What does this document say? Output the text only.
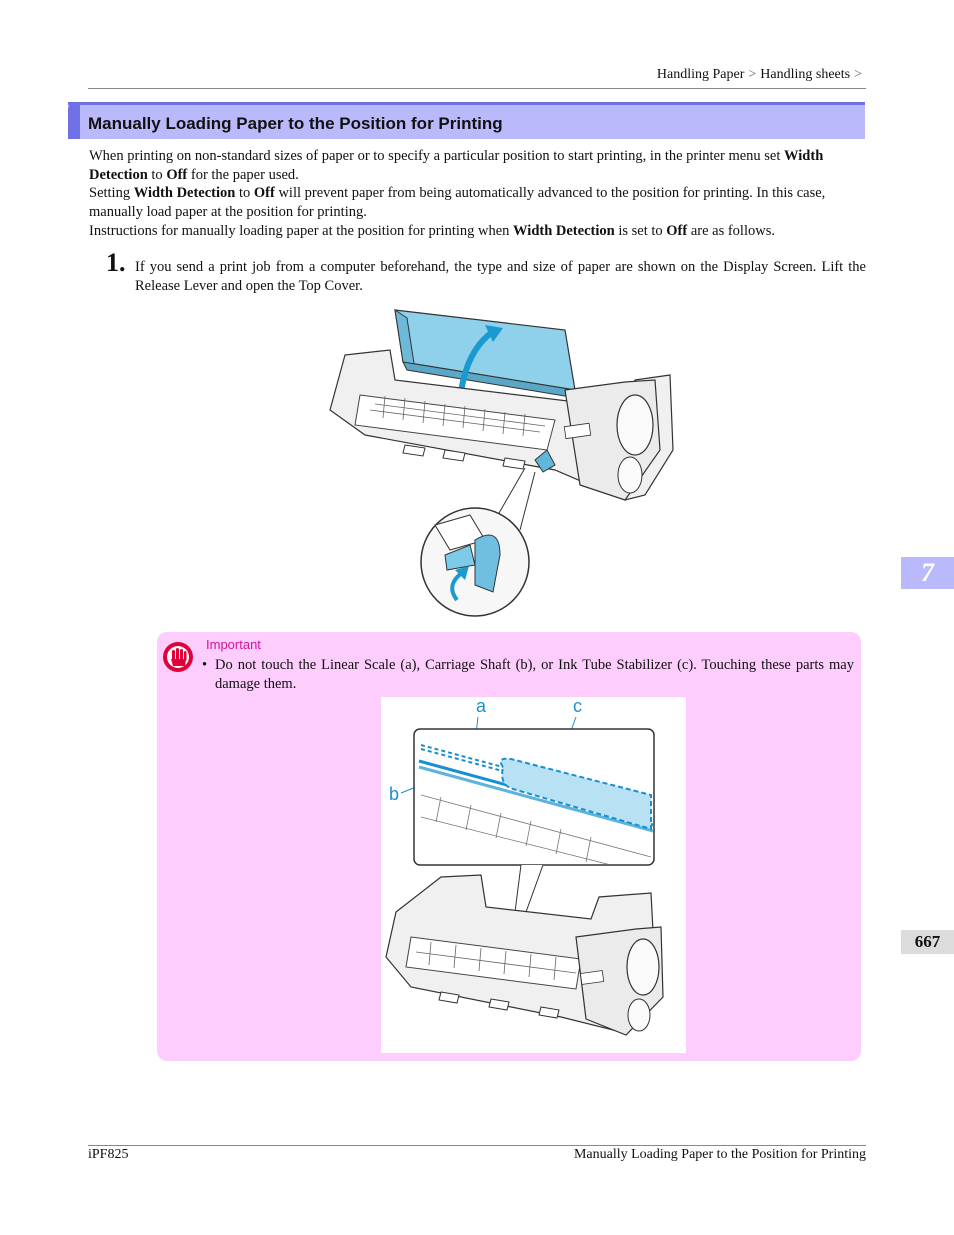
Handling Paper > Handling sheets >
Manually Loading Paper to the Position for Printing

When printing on non-standard sizes of paper or to specify a particular position to start printing, in the printer menu set Width Detection to Off for the paper used.

Setting Width Detection to Off will prevent paper from being automatically advanced to the position for printing. In this case, manually load paper at the position for printing.

Instructions for manually loading paper at the position for printing when Width Detection is set to Off are as follows.

1. If you send a print job from a computer beforehand, the type and size of paper are shown on the Display Screen. Lift the Release Lever and open the Top Cover.
7
667
Important
• Do not touch the Linear Scale (a), Carriage Shaft (b), or Ink Tube Stabilizer (c). Touching these parts may damage them.
a	c
b
iPF825	Manually Loading Paper to the Position for Printing
